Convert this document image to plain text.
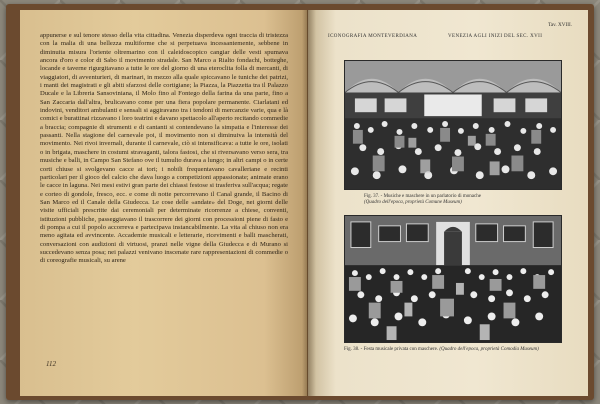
appunerse e sul tenore stesso della vita cittadina. Venezia disperdeva ogni traccia di tristezza con la malia di una bellezza multiforme che si perpetuava incessantemente, sebbene in diminuita misura l'oriente oltremarino con il caleidoscopico cangiar delle vesti spumava ancora d'oro e color di Sabo il movimento stradale. San Marco a Rialto fondachi, botteghe, locande e taverne rigurgitavano a tutte le ore del giorno di una eteroclita folla di mercanti, di viaggiatori, di avventurieri, di marinari, in mezzo alla quale spiccavano le tuniche dei patrizi, i manti dei magistrati e gli abiti sfarzosi delle cortigiane; la Piazza, la Piazzetta tra il Palazzo Ducale e la Libreria Sansoviniana, il Molo fino al Fontego della farina da una parte, fino a San Zaccaria dall'altra, brulicavano come per una fiera popolare permanente. Ciarlatani ed indovini, venditori ambulanti e sensali si aggiravano tra i tendoni di mercanzie varie, qua e là comici e burattinai rizzavano i loro teatrini e davano spettacolo all'aperto recitando commedie a braccia; compagnie di strumenti e di cantanti si contendevano la simpatia e l'interesse dei passanti. Nella stagione del carnevale poi, il movimento non si diminuiva la intensità del movimento. Nei rivoi invernali, durante il carnevale, ciò si intensificava: a tutte le ore, isolati o in brigata, maschere in costumi stravaganti, talora fastosi, che si riversavano verso sera, tra musiche e balli, in Campo San Stefano ove il tumulto durava a lungo; in altri campi o in certe corti chiuse si svolgevano cacce ai tori; i nobili frequentavano cavalleriane e recinti particolari per il gioco del calcio che dava luogo a competizioni appassionate; animate erano le cacce in laguna. Nei mesi estivi gran parte dei chiassi festose si trasferiva sull'acqua; regate e corteo di gondole, fresco, ecc. e come di notte percorrevano il Canal grande, il Bacino di San Marco ed il Canale della Giudecca. Le cose delle «andate» del Doge, nei giorni delle visite ufficiali prescritte dai ceremoniali per determinate ricorrenze a chiese, conventi, istituzioni pubbliche, passeggiavano il trascorrere dei giorni con processioni piene di fasto e di pompa a cui il popolo accorreva e partecipava instancabilmente. La vita al chiuso non era meno agitata ed avvincente. Accademie musicali e letterarie, ricevimenti e balli mascherati, conversazioni con audizioni di virtuosi, pranzi nelle vigne della Giudecca e di Murano si succedevano senza posa; nei palazzi venivano inscenate rare rappresentazioni di commedie o di coreografie musicali, su arene
112
Tav. XVIII.
ICONOGRAFIA MONTEVERDIANA	VENEZIA AGLI INIZI DEL SEC. XVII
Fig. 37. - Musiche e maschere in un parlatorio di monache
(Quadro dell'epoca, proprietà Comune Museum)
Fig. 38. - Festa musicale privata con maschere. (Quadro dell'epoca, proprietà Comodia Museum)
